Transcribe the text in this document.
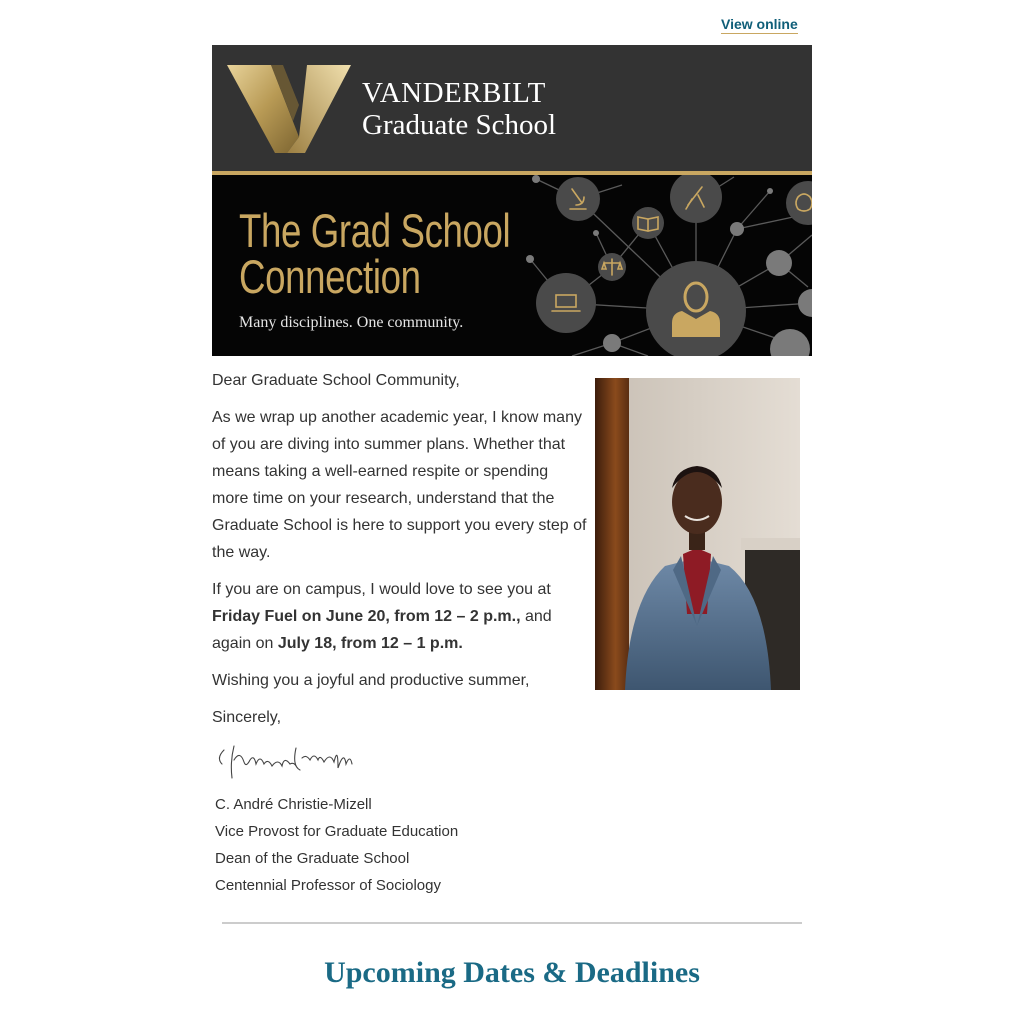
View online
VANDERBILT
Graduate School
The Grad School
Connection
Many disciplines. One community.

Dear Graduate School Community,

As we wrap up another academic year, I know many of you are diving into summer plans. Whether that means taking a well-earned respite or spending more time on your research, understand that the Graduate School is here to support you every step of the way.

If you are on campus, I would love to see you at Friday Fuel on June 20, from 12 – 2 p.m., and again on July 18, from 12 – 1 p.m.

Wishing you a joyful and productive summer,

Sincerely,

C. André Christie-Mizell
Vice Provost for Graduate Education
Dean of the Graduate School
Centennial Professor of Sociology
Upcoming Dates & Deadlines
